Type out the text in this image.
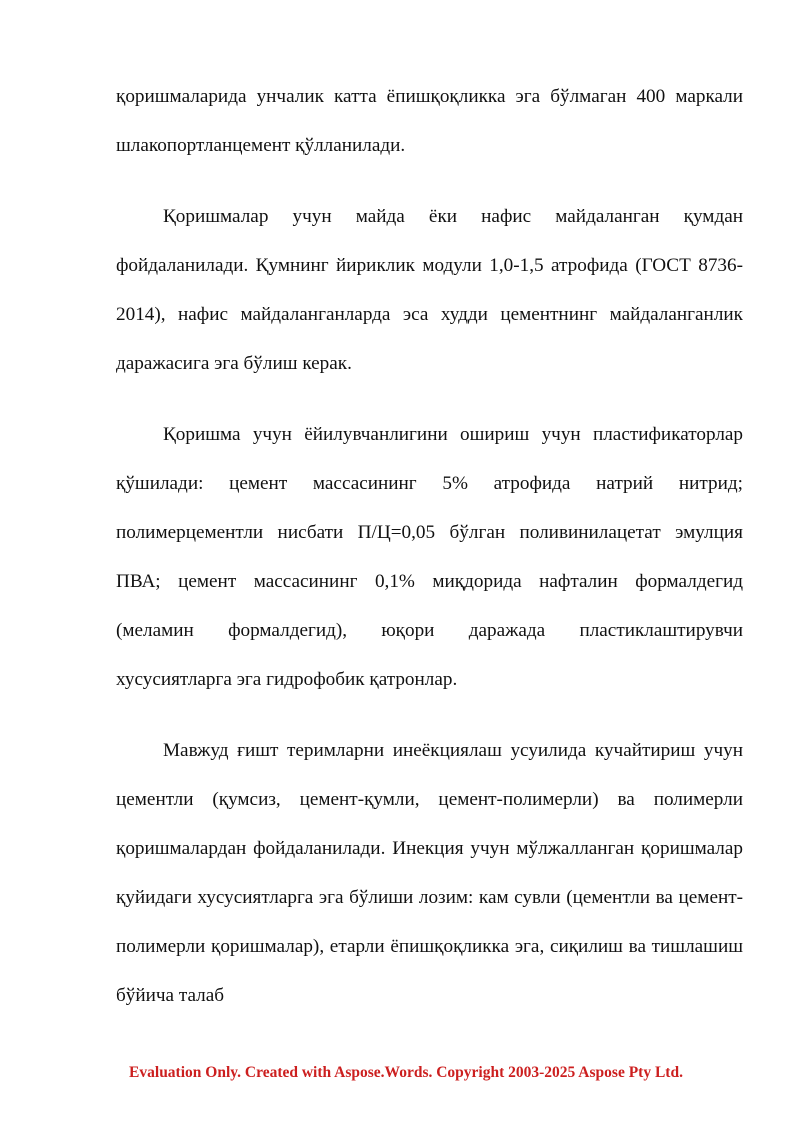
қоришмаларида унчалик катта ёпишқоқликка эга бўлмаган 400 маркали шлакопортланцемент қўлланилади.

Қоришмалар учун майда ёки нафис майдаланган қумдан фойдаланилади. Қумнинг йириклик модули 1,0-1,5 атрофида (ГОСТ 8736-2014), нафис майдаланганларда эса худди цементнинг майдаланганлик даражасига эга бўлиш керак.

Қоришма учун ёйилувчанлигини ошириш учун пластификаторлар қўшилади: цемент массасининг 5% атрофида натрий нитрид; полимерцементли нисбати П/Ц=0,05 бўлган поливинилацетат эмулция ПВА; цемент массасининг 0,1% миқдорида нафталин формалдегид (меламин формалдегид), юқори даражада пластиклаштирувчи хусусиятларга эга гидрофобик қатронлар.

Мавжуд ғишт теримларни инеёкциялаш усуилида кучайтириш учун цементли (қумсиз, цемент-қумли, цемент-полимерли) ва полимерли қоришмалардан фойдаланилади. Инекция учун мўлжалланган қоришмалар қуйидаги хусусиятларга эга бўлиши лозим: кам сувли (цементли ва цемент-полимерли қоришмалар), етарли ёпишқоқликка эга, сиқилиш ва тишлашиш бўйича талаб

Evaluation Only. Created with Aspose.Words. Copyright 2003-2025 Aspose Pty Ltd.
